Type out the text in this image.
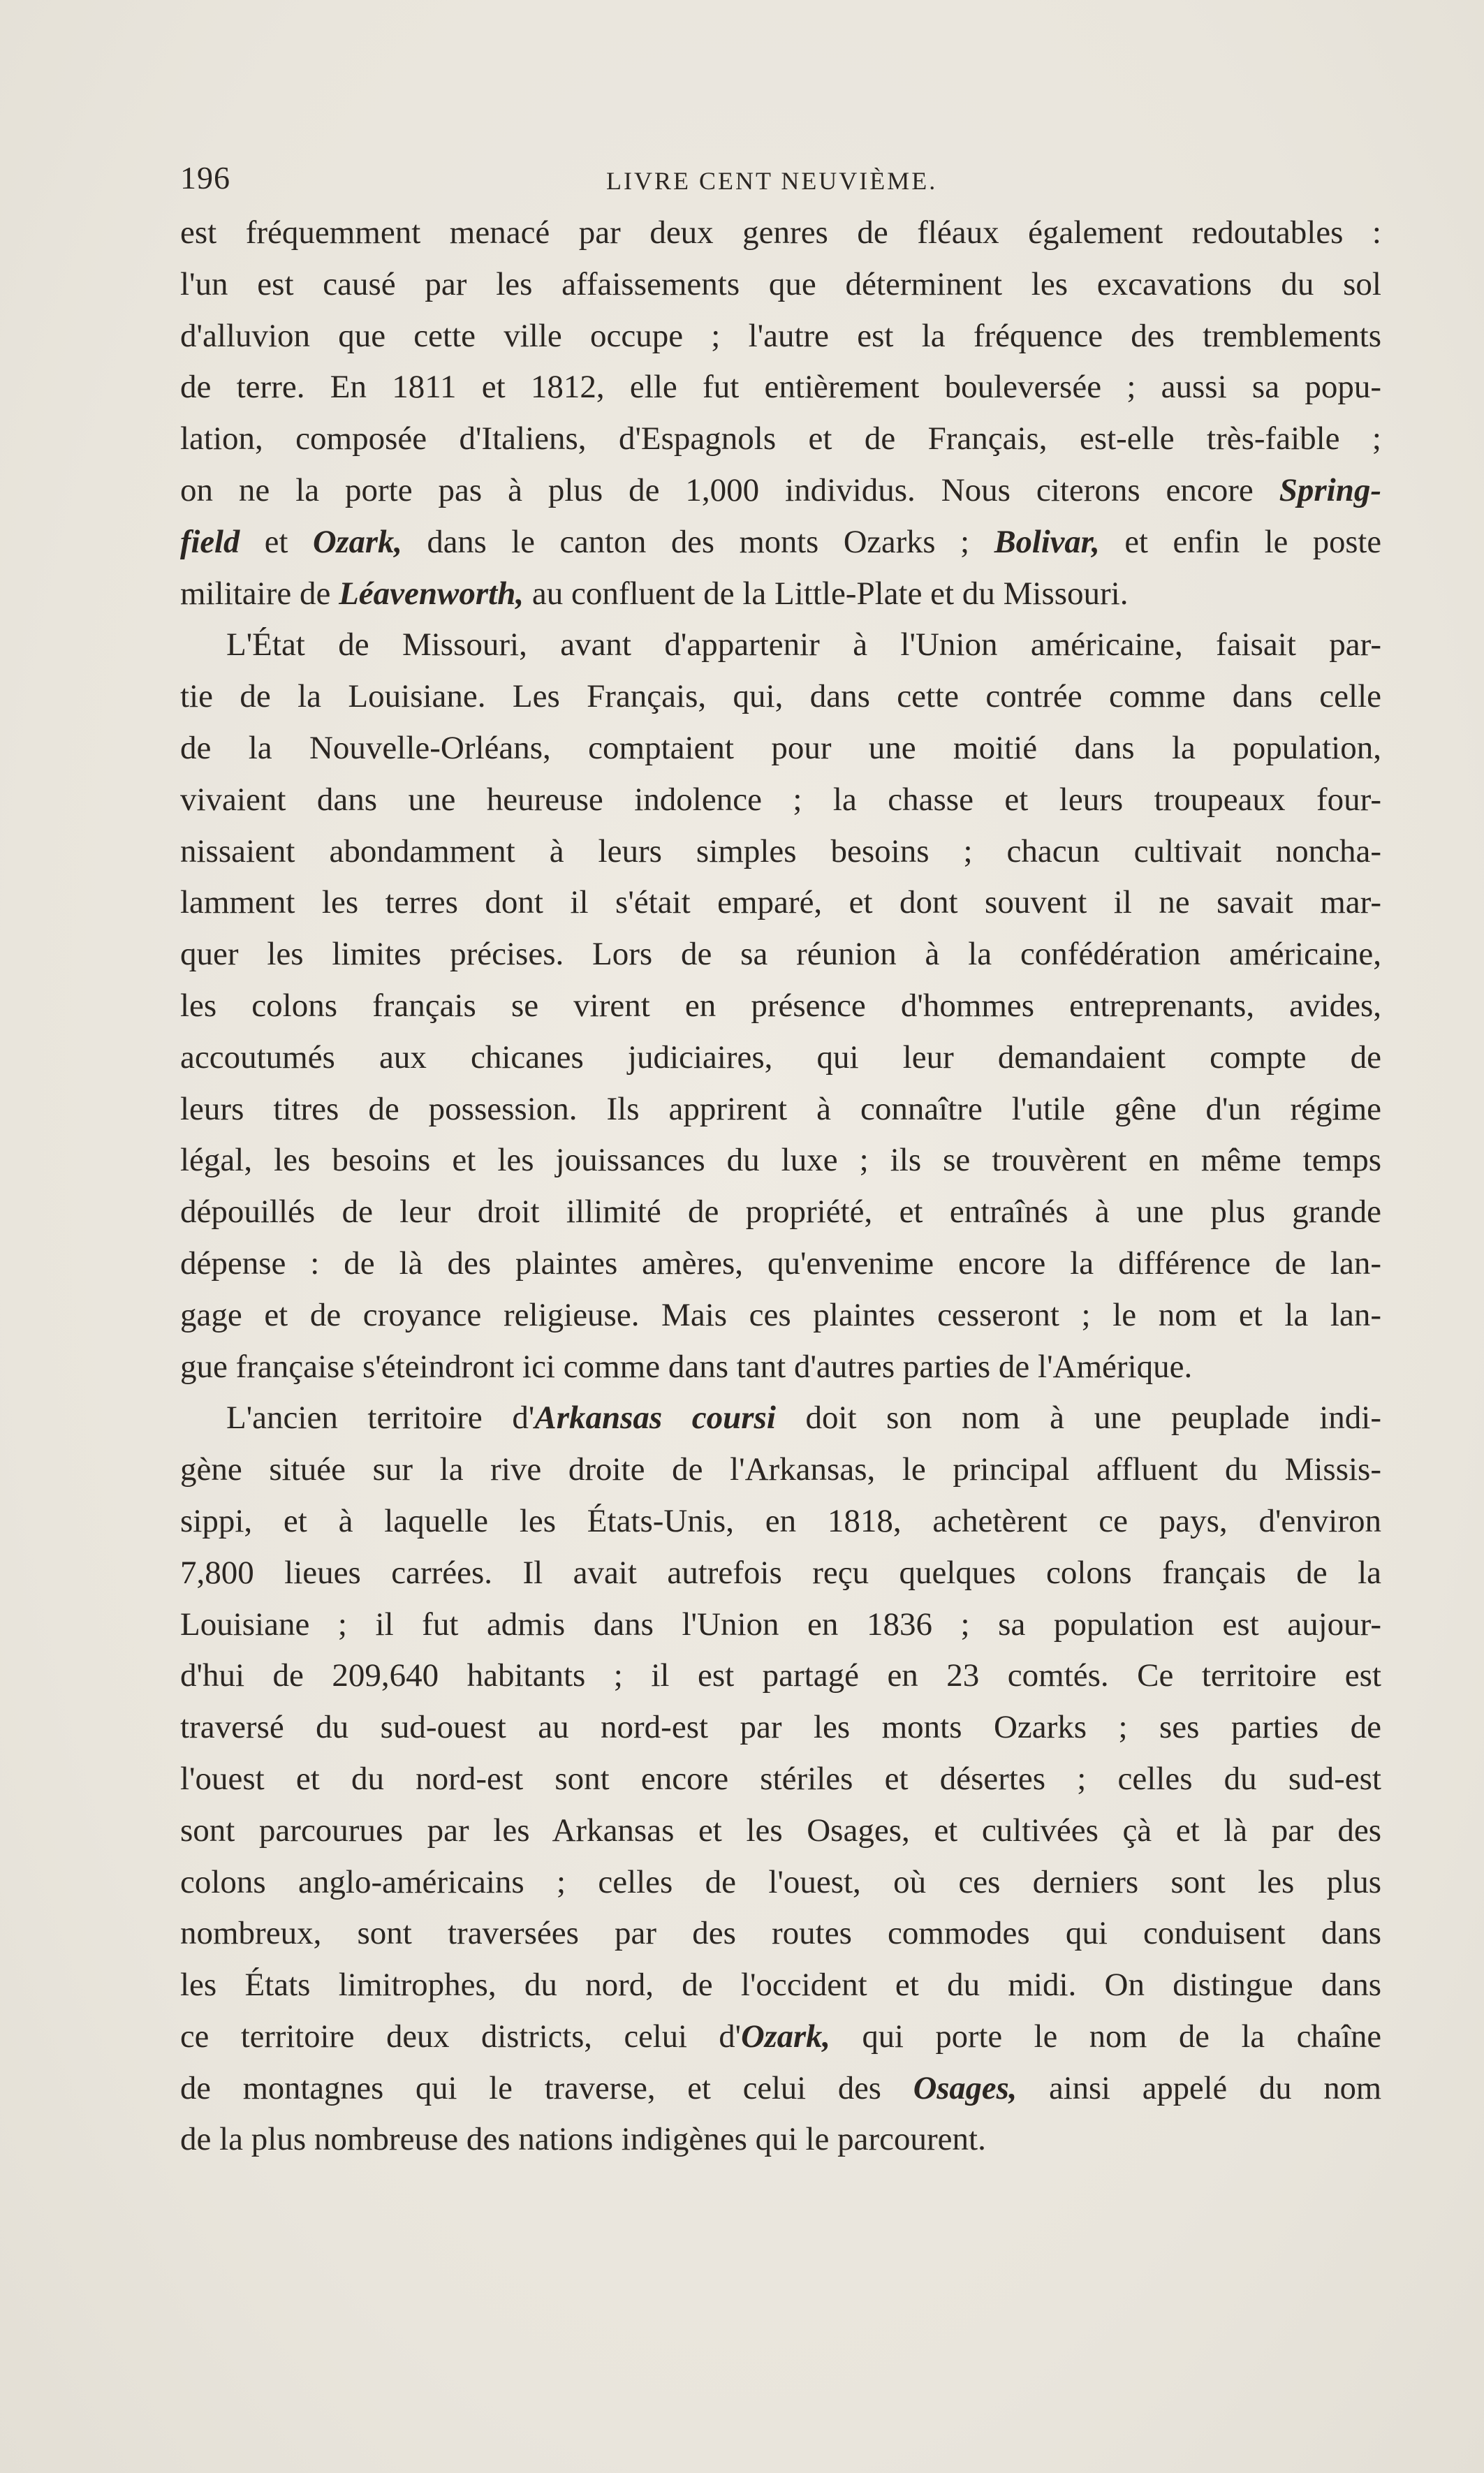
196	LIVRE CENT NEUVIÈME.
est fréquemment menacé par deux genres de fléaux également redoutables :
l'un est causé par les affaissements que déterminent les excavations du sol
d'alluvion que cette ville occupe ; l'autre est la fréquence des tremblements
de terre. En 1811 et 1812, elle fut entièrement bouleversée ; aussi sa popu-
lation, composée d'Italiens, d'Espagnols et de Français, est-elle très-faible ;
on ne la porte pas à plus de 1,000 individus. Nous citerons encore Spring-
field et Ozark, dans le canton des monts Ozarks ; Bolivar, et enfin le poste
militaire de Léavenworth, au confluent de la Little-Plate et du Missouri.
L'État de Missouri, avant d'appartenir à l'Union américaine, faisait par-
tie de la Louisiane. Les Français, qui, dans cette contrée comme dans celle
de la Nouvelle-Orléans, comptaient pour une moitié dans la population,
vivaient dans une heureuse indolence ; la chasse et leurs troupeaux four-
nissaient abondamment à leurs simples besoins ; chacun cultivait noncha-
lamment les terres dont il s'était emparé, et dont souvent il ne savait mar-
quer les limites précises. Lors de sa réunion à la confédération américaine,
les colons français se virent en présence d'hommes entreprenants, avides,
accoutumés aux chicanes judiciaires, qui leur demandaient compte de
leurs titres de possession. Ils apprirent à connaître l'utile gêne d'un régime
légal, les besoins et les jouissances du luxe ; ils se trouvèrent en même temps
dépouillés de leur droit illimité de propriété, et entraînés à une plus grande
dépense : de là des plaintes amères, qu'envenime encore la différence de lan-
gage et de croyance religieuse. Mais ces plaintes cesseront ; le nom et la lan-
gue française s'éteindront ici comme dans tant d'autres parties de l'Amérique.
L'ancien territoire d'Arkansas coursi doit son nom à une peuplade indi-
gène située sur la rive droite de l'Arkansas, le principal affluent du Missis-
sippi, et à laquelle les États-Unis, en 1818, achetèrent ce pays, d'environ
7,800 lieues carrées. Il avait autrefois reçu quelques colons français de la
Louisiane ; il fut admis dans l'Union en 1836 ; sa population est aujour-
d'hui de 209,640 habitants ; il est partagé en 23 comtés. Ce territoire est
traversé du sud-ouest au nord-est par les monts Ozarks ; ses parties de
l'ouest et du nord-est sont encore stériles et désertes ; celles du sud-est
sont parcourues par les Arkansas et les Osages, et cultivées çà et là par des
colons anglo-américains ; celles de l'ouest, où ces derniers sont les plus
nombreux, sont traversées par des routes commodes qui conduisent dans
les États limitrophes, du nord, de l'occident et du midi. On distingue dans
ce territoire deux districts, celui d'Ozark, qui porte le nom de la chaîne
de montagnes qui le traverse, et celui des Osages, ainsi appelé du nom
de la plus nombreuse des nations indigènes qui le parcourent.
